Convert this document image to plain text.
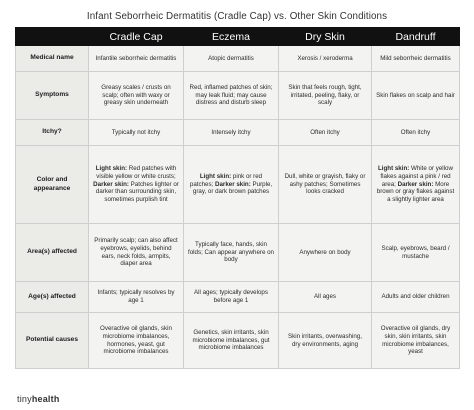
Infant Seborrheic Dermatitis (Cradle Cap) vs. Other Skin Conditions
	Cradle Cap	Eczema	Dry Skin	Dandruff
Medical name	Infantile seborrheic dermatitis	Atopic dermatitis	Xerosis / xeroderma	Mild seborrheic dermatitis
Symptoms	Greasy scales / crusts on scalp; often with waxy or greasy skin underneath	Red, inflamed patches of skin; may leak fluid; may cause distress and disturb sleep	Skin that feels rough, tight, irritated, peeling, flaky, or scaly	Skin flakes on scalp and hair
Itchy?	Typically not itchy	Intensely itchy	Often itchy	Often itchy
Color and appearance	Light skin: Red patches with visible yellow or white crusts; Darker skin: Patches lighter or darker than surrounding skin, sometimes purplish tint	Light skin: pink or red patches; Darker skin: Purple, gray, or dark brown patches	Dull, white or grayish, flaky or ashy patches; Sometimes looks cracked	Light skin: White or yellow flakes against a pink / red area; Darker skin: More brown or gray flakes against a slightly lighter area
Area(s) affected	Primarily scalp; can also affect eyebrows, eyelids, behind ears, neck folds, armpits, diaper area	Typically face, hands, skin folds; Can appear anywhere on body	Anywhere on body	Scalp, eyebrows, beard / mustache
Age(s) affected	Infants; typically resolves by age 1	All ages; typically develops before age 1	All ages	Adults and older children
Potential causes	Overactive oil glands, skin microbiome imbalances, hormones, yeast, gut microbiome imbalances	Genetics, skin irritants, skin microbiome imbalances, gut microbiome imbalances	Skin irritants, overwashing, dry environments, aging	Overactive oil glands, dry skin, skin irritants, skin microbiome imbalances, yeast
tinyhealth
